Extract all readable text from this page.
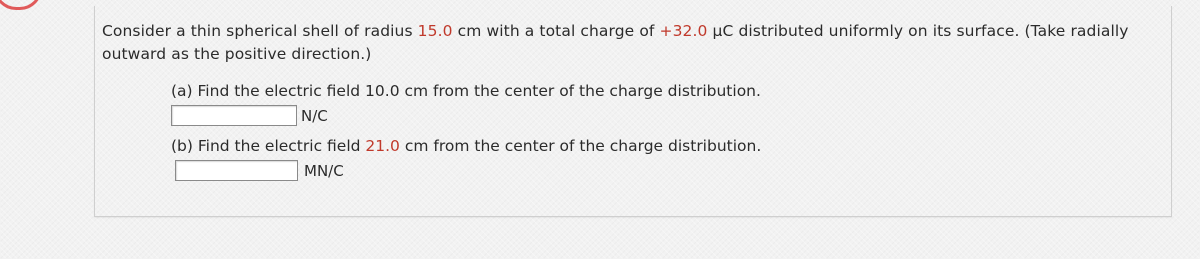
Consider a thin spherical shell of radius 15.0 cm with a total charge of +32.0 μC distributed uniformly on its surface. (Take radially outward as the positive direction.)
(a) Find the electric field 10.0 cm from the center of the charge distribution.
N/C
(b) Find the electric field 21.0 cm from the center of the charge distribution.
MN/C
